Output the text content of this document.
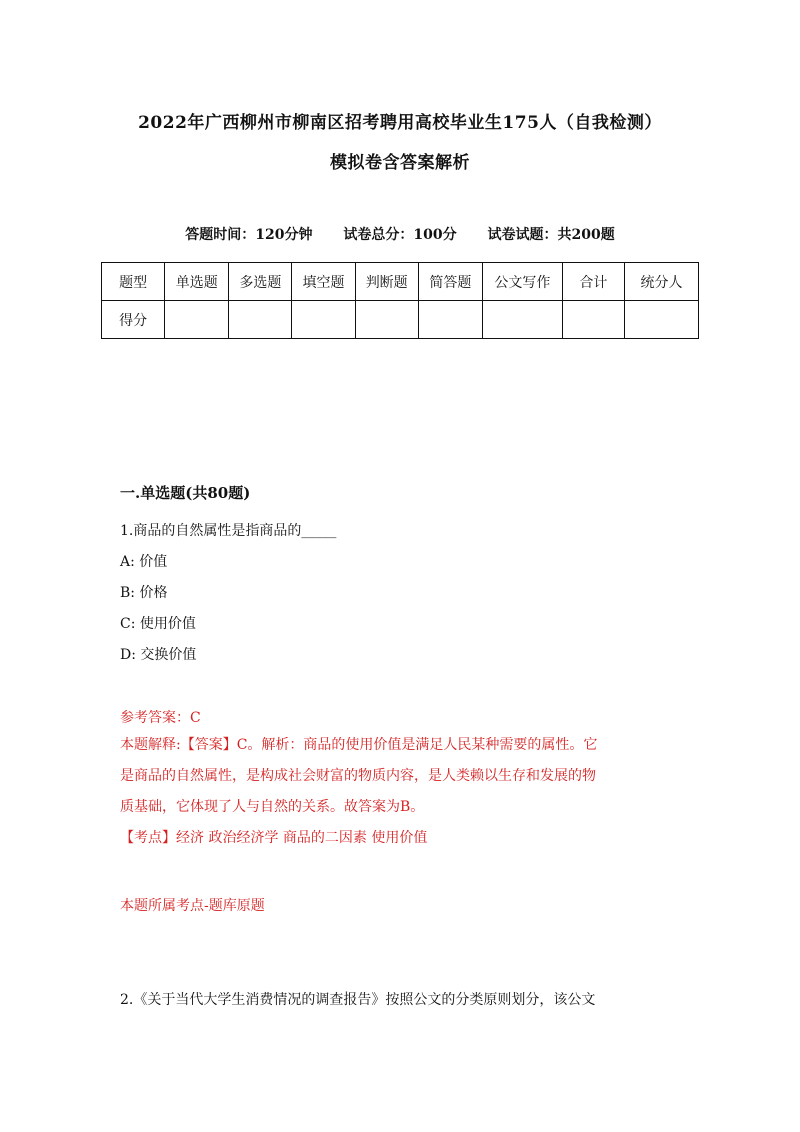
2022年广西柳州市柳南区招考聘用高校毕业生175人（自我检测）
模拟卷含答案解析
答题时间：120分钟 试卷总分：100分 试卷试题：共200题
题型	单选题	多选题	填空题	判断题	简答题	公文写作	合计	统分人
得分								
一.单选题(共80题)
1.商品的自然属性是指商品的_____
A: 价值
B: 价格
C: 使用价值
D: 交换价值
参考答案：C
本题解释:【答案】C。解析：商品的使用价值是满足人民某种需要的属性。它
是商品的自然属性，是构成社会财富的物质内容，是人类赖以生存和发展的物
质基础，它体现了人与自然的关系。故答案为B。
【考点】经济 政治经济学 商品的二因素 使用价值
本题所属考点-题库原题
2.《关于当代大学生消费情况的调查报告》按照公文的分类原则划分，该公文
